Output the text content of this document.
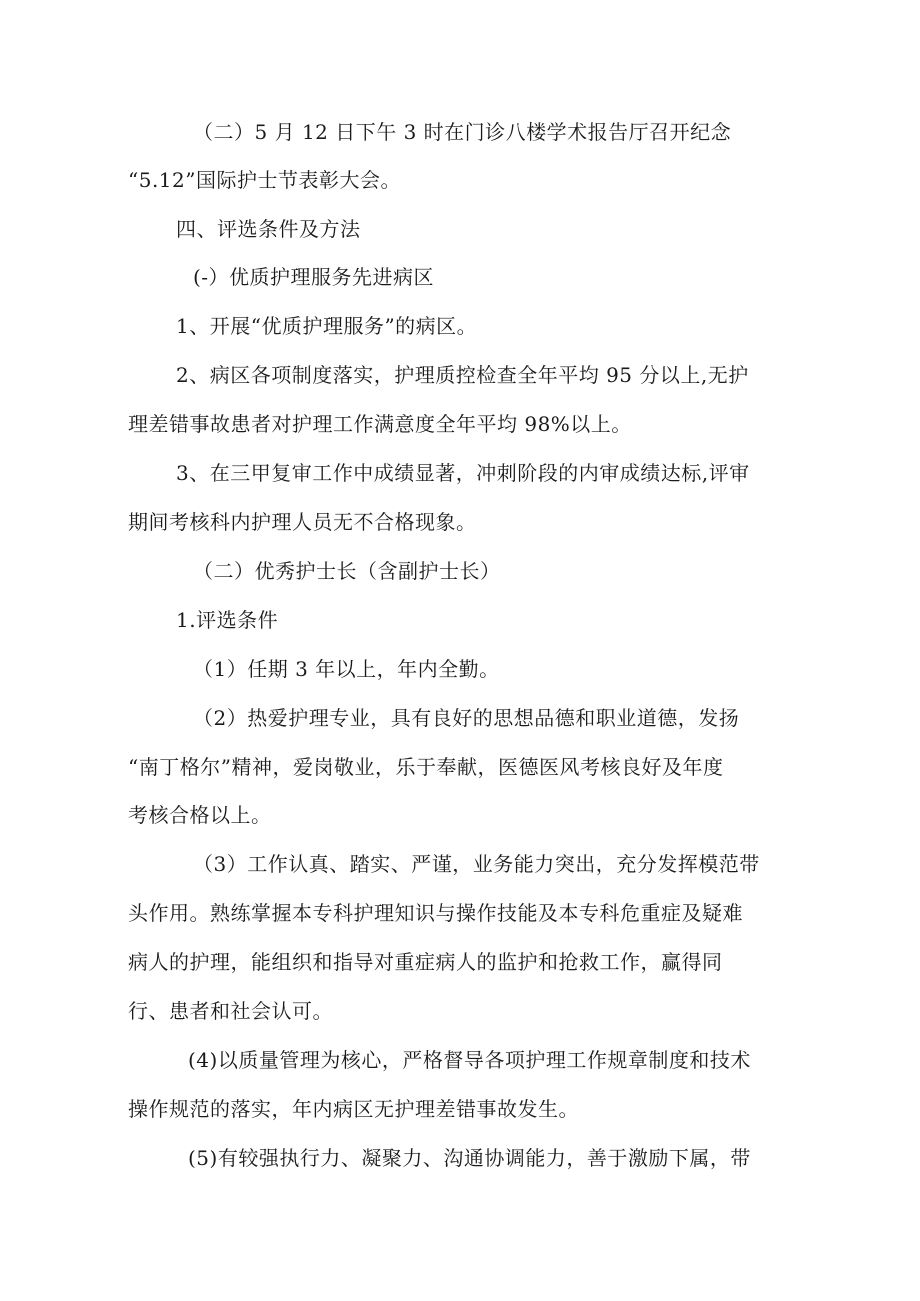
（二）5 月 12 日下午 3 时在门诊八楼学术报告厅召开纪念

“5.12”国际护士节表彰大会。

四、评选条件及方法

(-）优质护理服务先进病区

1、开展“优质护理服务”的病区。

2、病区各项制度落实，护理质控检查全年平均 95 分以上,无护

理差错事故患者对护理工作满意度全年平均 98%以上。

3、在三甲复审工作中成绩显著，冲刺阶段的内审成绩达标,评审

期间考核科内护理人员无不合格现象。

（二）优秀护士长（含副护士长）

1.评选条件

（1）任期 3 年以上，年内全勤。

（2）热爱护理专业，具有良好的思想品德和职业道德，发扬

“南丁格尔”精神，爱岗敬业，乐于奉献，医德医风考核良好及年度

考核合格以上。

（3）工作认真、踏实、严谨，业务能力突出，充分发挥模范带

头作用。熟练掌握本专科护理知识与操作技能及本专科危重症及疑难

病人的护理，能组织和指导对重症病人的监护和抢救工作，赢得同

行、患者和社会认可。

(4)以质量管理为核心，严格督导各项护理工作规章制度和技术

操作规范的落实，年内病区无护理差错事故发生。

(5)有较强执行力、凝聚力、沟通协调能力，善于激励下属，带
